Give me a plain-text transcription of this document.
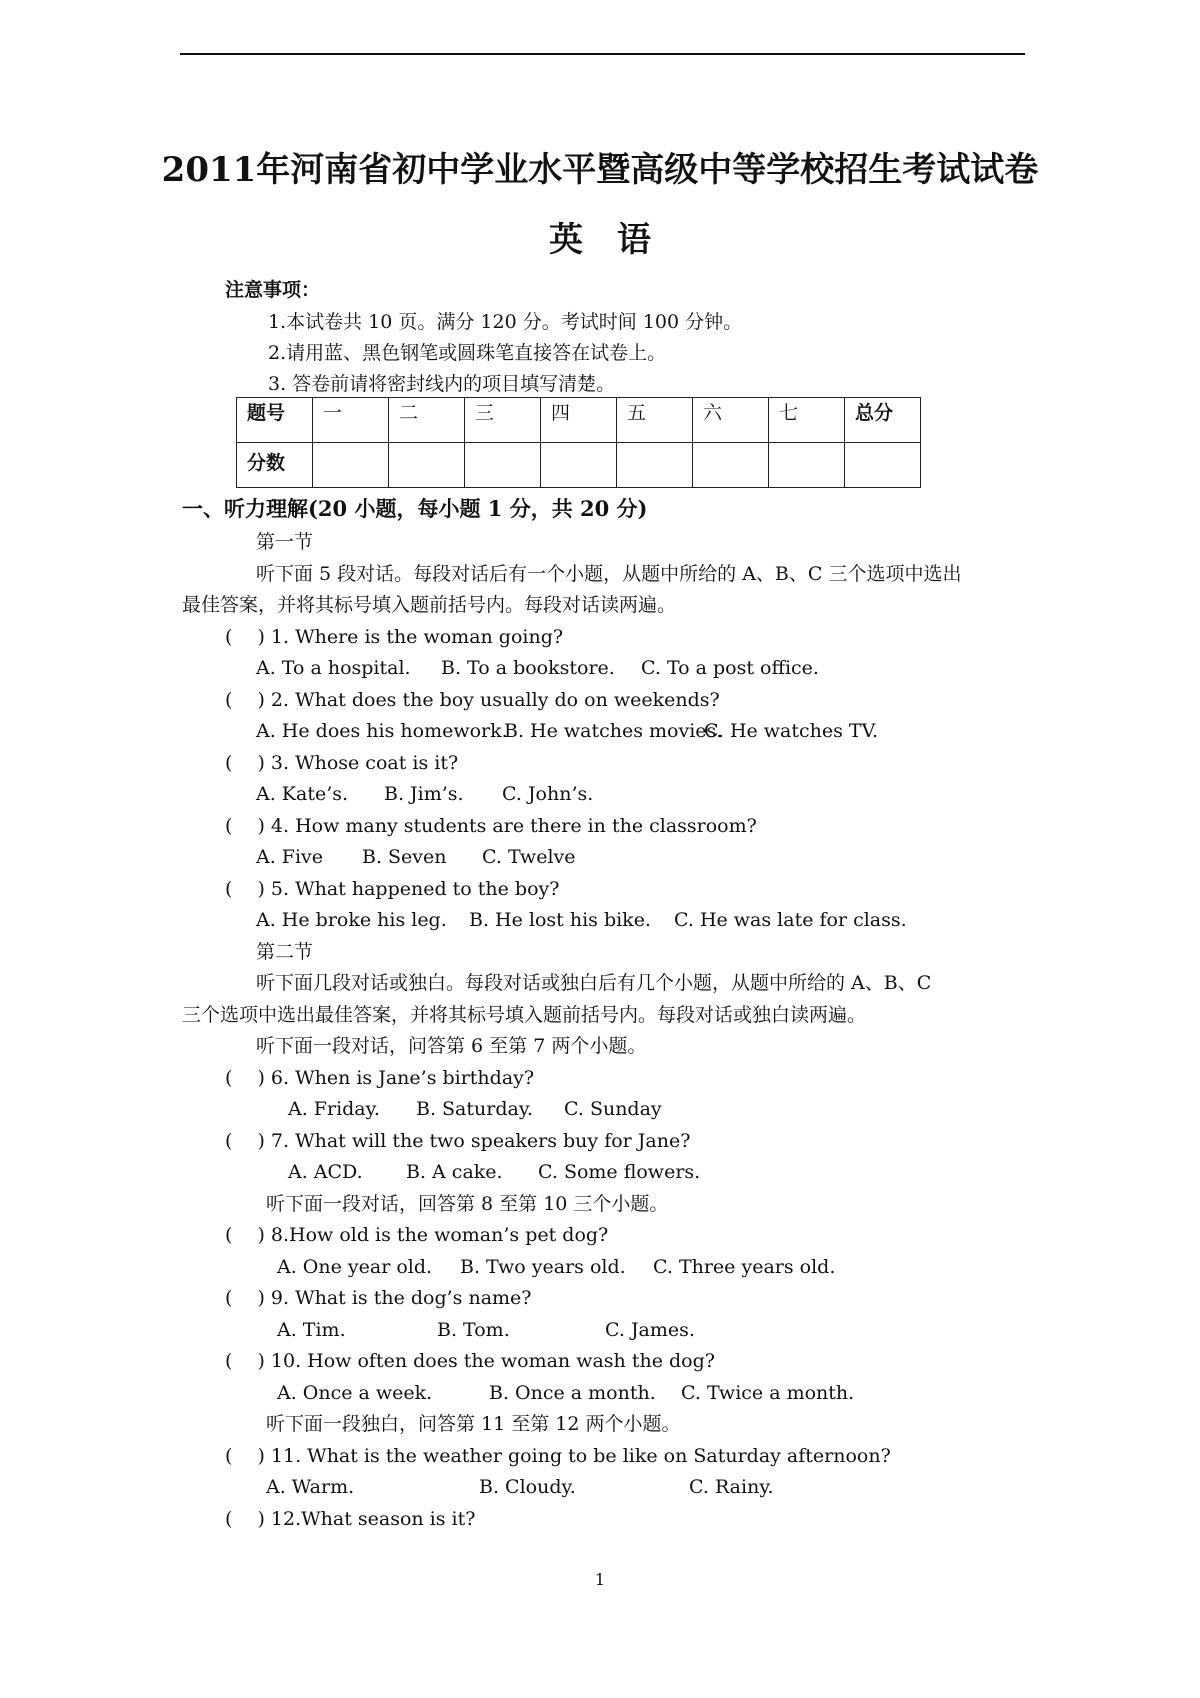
2011年河南省初中学业水平暨高级中等学校招生考试试卷
英　语
注意事项：
1.本试卷共 10 页。满分 120 分。考试时间 100 分钟。
2.请用蓝、黑色钢笔或圆珠笔直接答在试卷上。
3. 答卷前请将密封线内的项目填写清楚。
题号	一	二	三	四	五	六	七	总分
分数								
一、听力理解(20 小题，每小题 1 分，共 20 分)
第一节
听下面 5 段对话。每段对话后有一个小题，从题中所给的 A、B、C 三个选项中选出
最佳答案，并将其标号填入题前括号内。每段对话读两遍。
(　 ) 1. Where is the woman going?
A. To a hospital. B. To a bookstore. C. To a post office.
(　 ) 2. What does the boy usually do on weekends?
A. He does his homework.B. He watches movies.C. He watches TV.
(　 ) 3. Whose coat is it?
A. Kate’s. B. Jim’s. C. John’s.
(　 ) 4. How many students are there in the classroom?
A. Five B. Seven C. Twelve
(　 ) 5. What happened to the boy?
A. He broke his leg. B. He lost his bike. C. He was late for class.
第二节
听下面几段对话或独白。每段对话或独白后有几个小题，从题中所给的 A、B、C
三个选项中选出最佳答案，并将其标号填入题前括号内。每段对话或独白读两遍。
听下面一段对话，问答第 6 至第 7 两个小题。
(　 ) 6. When is Jane’s birthday?
A. Friday. B. Saturday. C. Sunday
(　 ) 7. What will the two speakers buy for Jane?
A. ACD. B. A cake. C. Some flowers.
听下面一段对话，回答第 8 至第 10 三个小题。
(　 ) 8.How old is the woman’s pet dog?
A. One year old. B. Two years old. C. Three years old.
(　 ) 9. What is the dog’s name?
A. Tim.	B. Tom.	C. James.
(　 ) 10. How often does the woman wash the dog?
A. Once a week.	B. Once a month. C. Twice a month.
听下面一段独白，问答第 11 至第 12 两个小题。
(　 ) 11. What is the weather going to be like on Saturday afternoon?
A. Warm.	B. Cloudy.	C. Rainy.
(　 ) 12.What season is it?
1
